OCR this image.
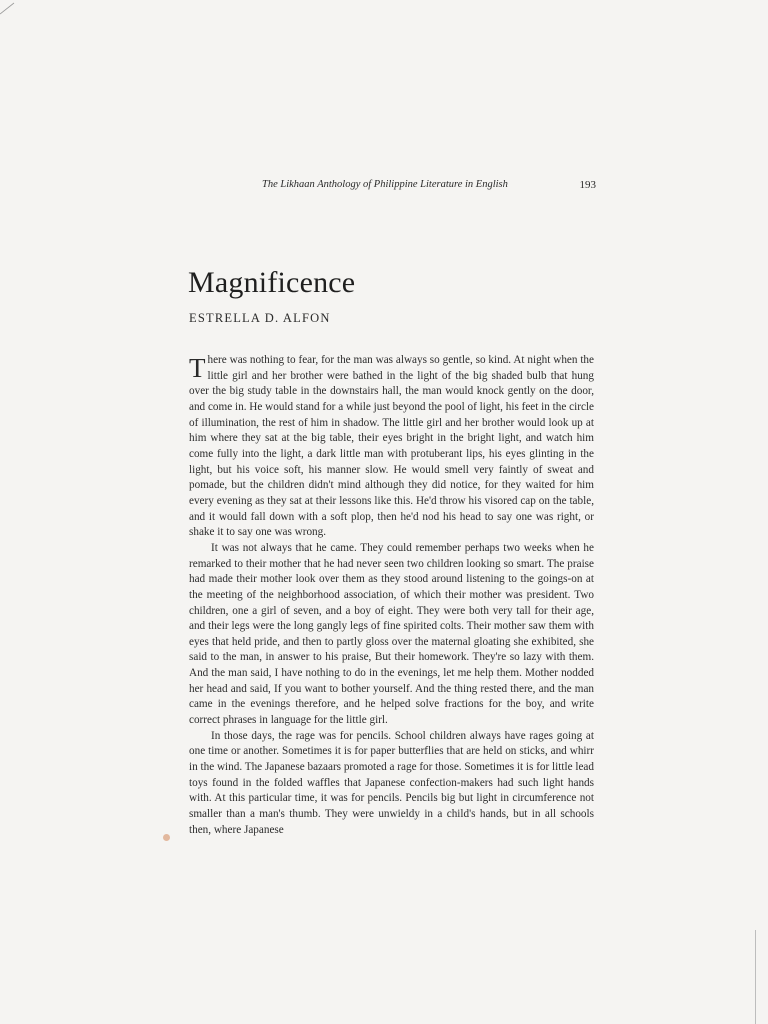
The Likhaan Anthology of Philippine Literature in English	193
Magnificence
ESTRELLA D. ALFON

There was nothing to fear, for the man was always so gentle, so kind. At night when the little girl and her brother were bathed in the light of the big shaded bulb that hung over the big study table in the downstairs hall, the man would knock gently on the door, and come in. He would stand for a while just beyond the pool of light, his feet in the circle of illumination, the rest of him in shadow. The little girl and her brother would look up at him where they sat at the big table, their eyes bright in the bright light, and watch him come fully into the light, a dark little man with protuberant lips, his eyes glinting in the light, but his voice soft, his manner slow. He would smell very faintly of sweat and pomade, but the children didn't mind although they did notice, for they waited for him every evening as they sat at their lessons like this. He'd throw his visored cap on the table, and it would fall down with a soft plop, then he'd nod his head to say one was right, or shake it to say one was wrong.

It was not always that he came. They could remember perhaps two weeks when he remarked to their mother that he had never seen two children looking so smart. The praise had made their mother look over them as they stood around listening to the goings-on at the meeting of the neighborhood association, of which their mother was president. Two children, one a girl of seven, and a boy of eight. They were both very tall for their age, and their legs were the long gangly legs of fine spirited colts. Their mother saw them with eyes that held pride, and then to partly gloss over the maternal gloating she exhibited, she said to the man, in answer to his praise, But their homework. They're so lazy with them. And the man said, I have nothing to do in the evenings, let me help them. Mother nodded her head and said, If you want to bother yourself. And the thing rested there, and the man came in the evenings therefore, and he helped solve fractions for the boy, and write correct phrases in language for the little girl.

In those days, the rage was for pencils. School children always have rages going at one time or another. Sometimes it is for paper butterflies that are held on sticks, and whirr in the wind. The Japanese bazaars promoted a rage for those. Sometimes it is for little lead toys found in the folded waffles that Japanese confection-makers had such light hands with. At this particular time, it was for pencils. Pencils big but light in circumference not smaller than a man's thumb. They were unwieldy in a child's hands, but in all schools then, where Japanese
